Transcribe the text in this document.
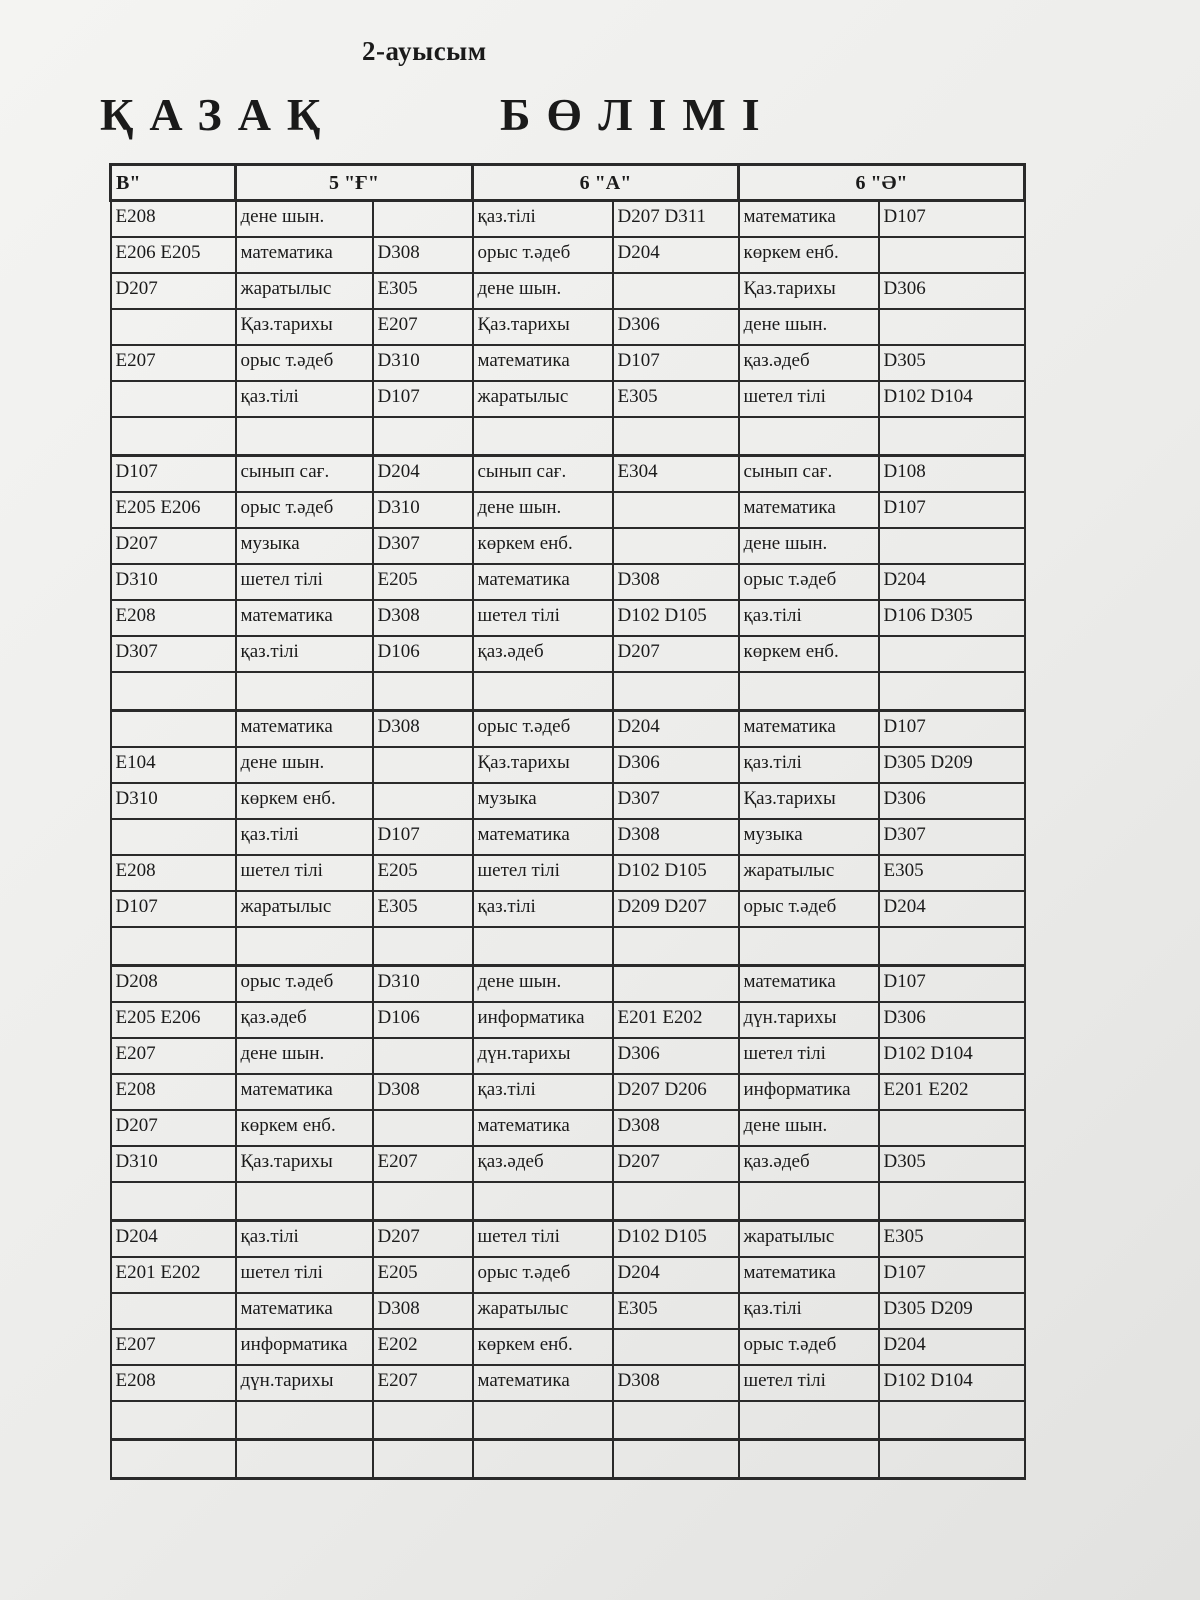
2-ауысым
ҚАЗАҚ	БӨЛІМІ
В"	5 "Ғ"		6 "А"		6 "Ә"	
E208	дене шын.		қаз.тілі	D207 D311	математика	D107
E206 E205	математика	D308	орыс т.әдеб	D204	көркем енб.	
D207	жаратылыс	E305	дене шын.		Қаз.тарихы	D306
	Қаз.тарихы	E207	Қаз.тарихы	D306	дене шын.	
E207	орыс т.әдеб	D310	математика	D107	қаз.әдеб	D305
	қаз.тілі	D107	жаратылыс	E305	шетел тілі	D102 D104

D107	сынып сағ.	D204	сынып сағ.	E304	сынып сағ.	D108
E205 E206	орыс т.әдеб	D310	дене шын.		математика	D107
D207	музыка	D307	көркем енб.		дене шын.	
D310	шетел тілі	E205	математика	D308	орыс т.әдеб	D204
E208	математика	D308	шетел тілі	D102 D105	қаз.тілі	D106 D305
D307	қаз.тілі	D106	қаз.әдеб	D207	көркем енб.	

	математика	D308	орыс т.әдеб	D204	математика	D107
E104	дене шын.		Қаз.тарихы	D306	қаз.тілі	D305 D209
D310	көркем енб.		музыка	D307	Қаз.тарихы	D306
	қаз.тілі	D107	математика	D308	музыка	D307
E208	шетел тілі	E205	шетел тілі	D102 D105	жаратылыс	E305
D107	жаратылыс	E305	қаз.тілі	D209 D207	орыс т.әдеб	D204

D208	орыс т.әдеб	D310	дене шын.		математика	D107
E205 E206	қаз.әдеб	D106	информатика	E201 E202	дүн.тарихы	D306
E207	дене шын.		дүн.тарихы	D306	шетел тілі	D102 D104
E208	математика	D308	қаз.тілі	D207 D206	информатика	E201 E202
D207	көркем енб.		математика	D308	дене шын.	
D310	Қаз.тарихы	E207	қаз.әдеб	D207	қаз.әдеб	D305

D204	қаз.тілі	D207	шетел тілі	D102 D105	жаратылыс	E305
E201 E202	шетел тілі	E205	орыс т.әдеб	D204	математика	D107
	математика	D308	жаратылыс	E305	қаз.тілі	D305 D209
E207	информатика	E202	көркем енб.		орыс т.әдеб	D204
E208	дүн.тарихы	E207	математика	D308	шетел тілі	D102 D104
